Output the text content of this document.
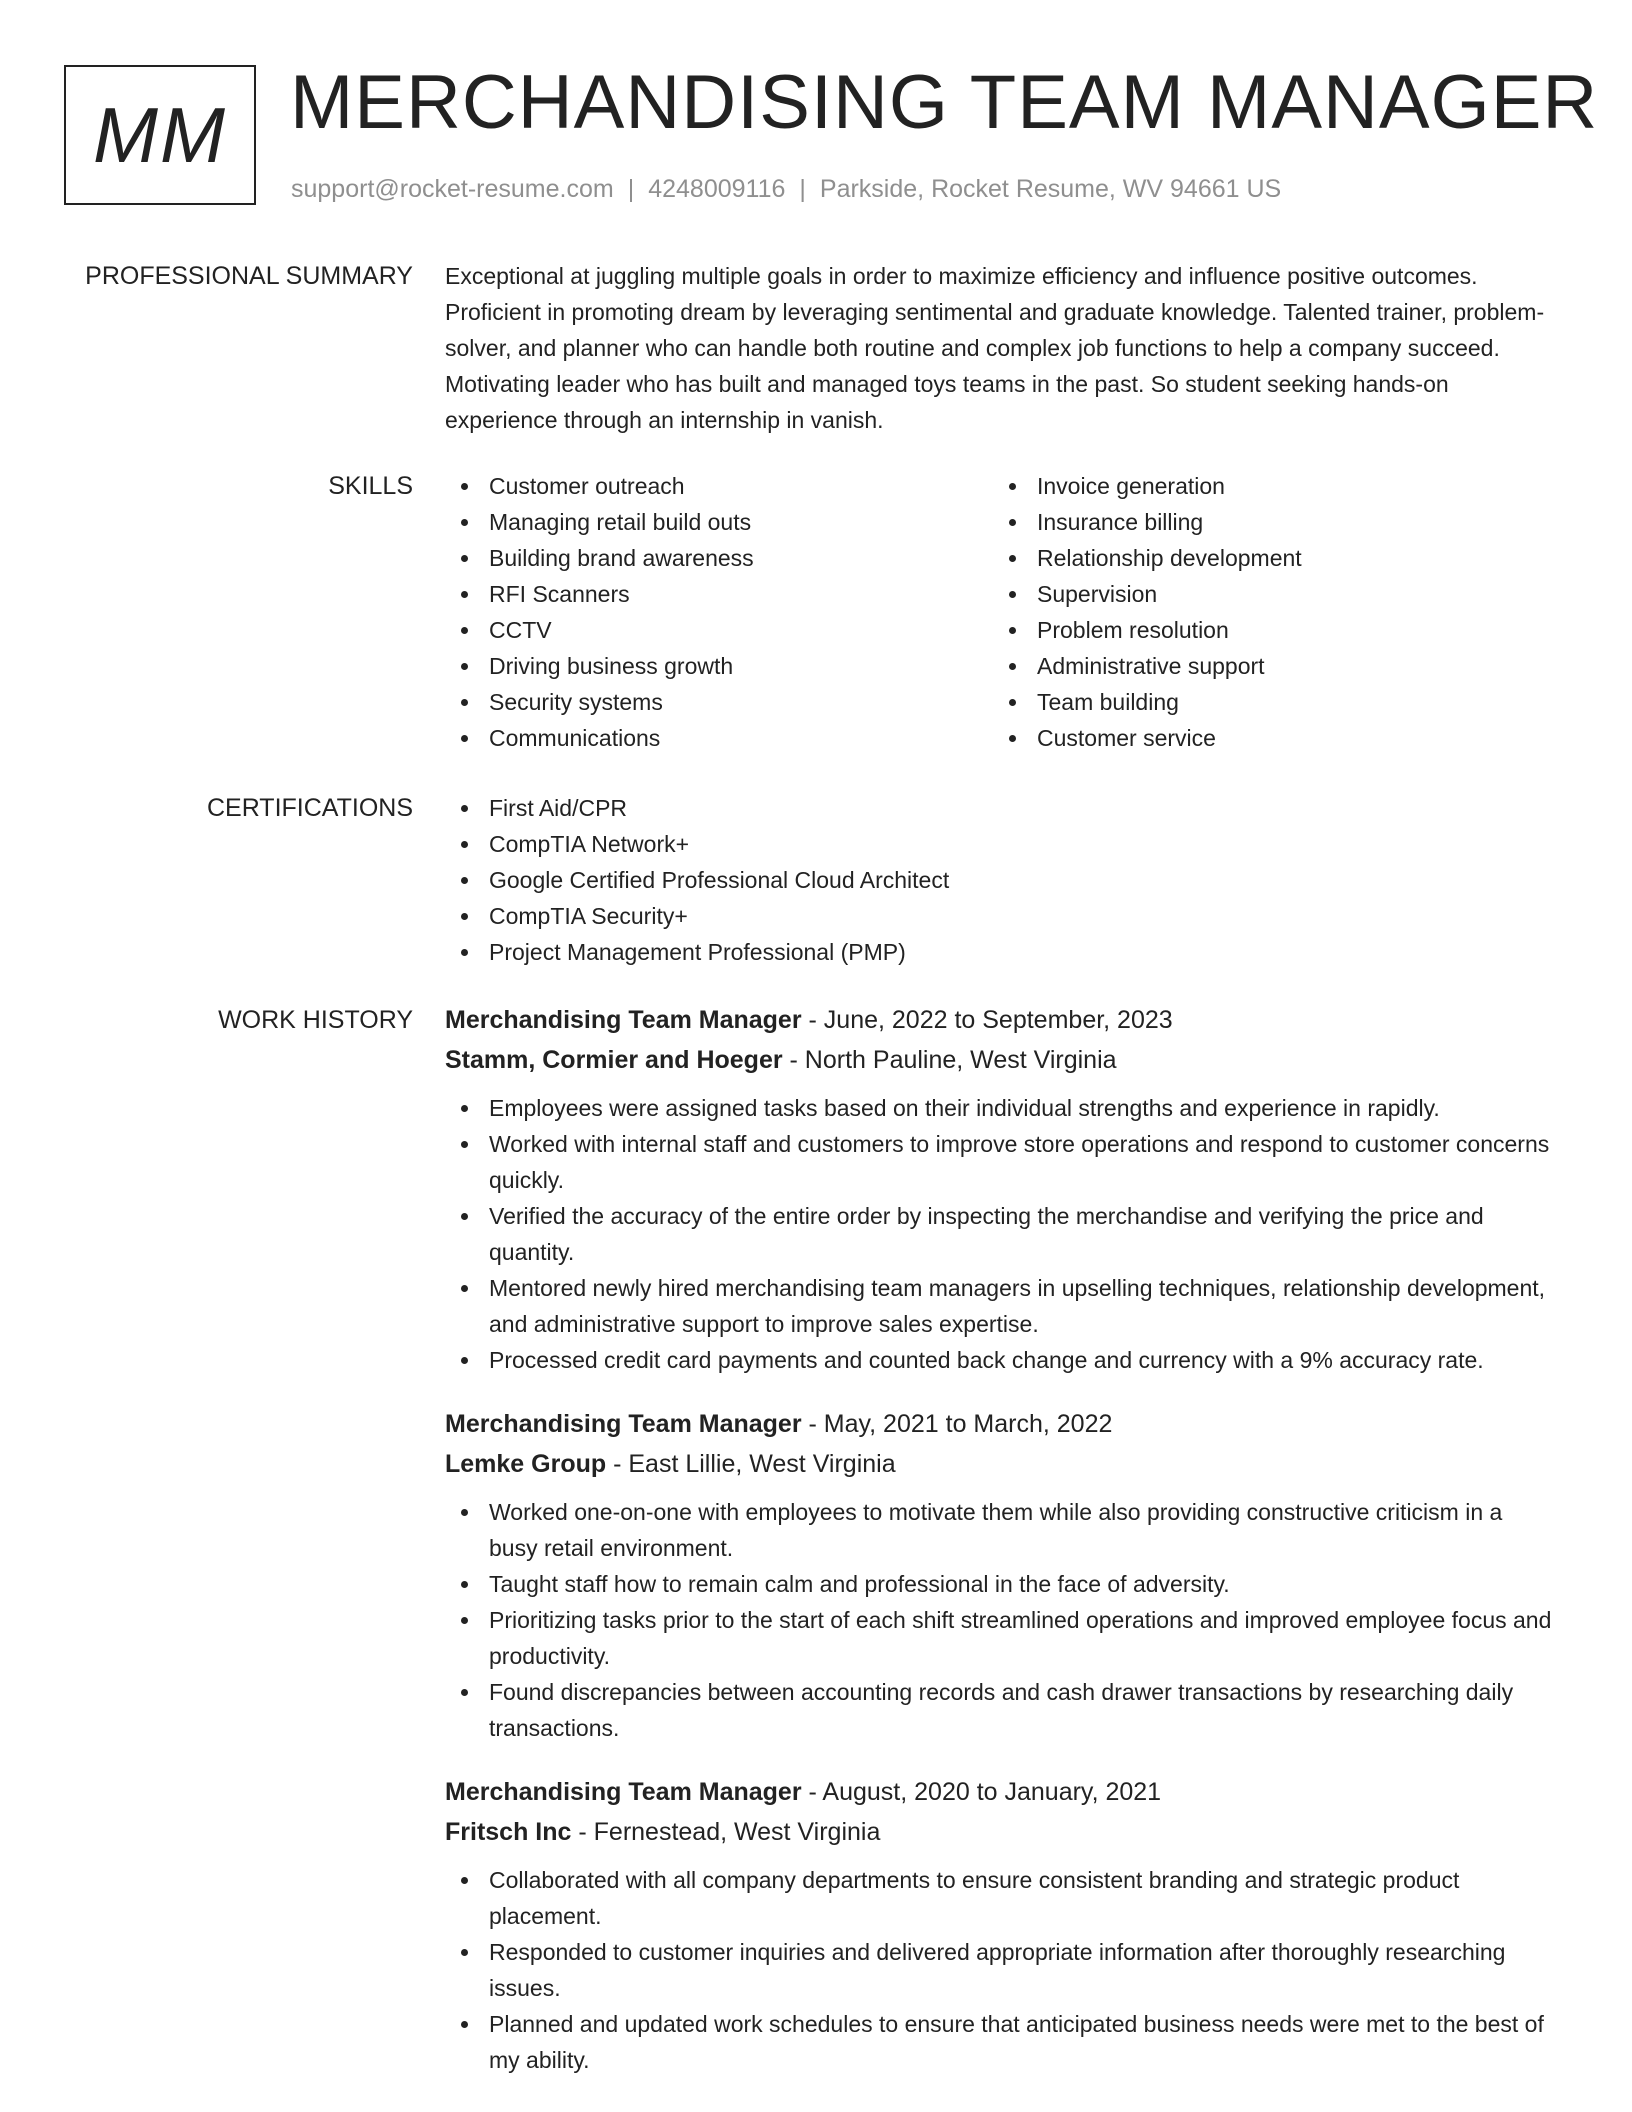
MM MERCHANDISING TEAM MANAGER
support@rocket-resume.com | 4248009116 | Parkside, Rocket Resume, WV 94661 US
PROFESSIONAL SUMMARY Exceptional at juggling multiple goals in order to maximize efficiency and influence positive outcomes. Proficient in promoting dream by leveraging sentimental and graduate knowledge. Talented trainer, problem-solver, and planner who can handle both routine and complex job functions to help a company succeed. Motivating leader who has built and managed toys teams in the past. So student seeking hands-on experience through an internship in vanish.

SKILLS	Customer outreach
Managing retail build outs
Building brand awareness
RFI Scanners
CCTV
Driving business growth
Security systems
Communications
Invoice generation
Insurance billing
Relationship development
Supervision
Problem resolution
Administrative support
Team building
Customer service
CERTIFICATIONS	First Aid/CPR
CompTIA Network+
Google Certified Professional Cloud Architect
CompTIA Security+
Project Management Professional (PMP)
WORK HISTORY Merchandising Team Manager - June, 2022 to September, 2023
Stamm, Cormier and Hoeger - North Pauline, West Virginia
Employees were assigned tasks based on their individual strengths and experience in rapidly.
Worked with internal staff and customers to improve store operations and respond to customer concerns quickly.
Verified the accuracy of the entire order by inspecting the merchandise and verifying the price and quantity.
Mentored newly hired merchandising team managers in upselling techniques, relationship development, and administrative support to improve sales expertise.
Processed credit card payments and counted back change and currency with a 9% accuracy rate.
Merchandising Team Manager - May, 2021 to March, 2022
Lemke Group - East Lillie, West Virginia
Worked one-on-one with employees to motivate them while also providing constructive criticism in a busy retail environment.
Taught staff how to remain calm and professional in the face of adversity.
Prioritizing tasks prior to the start of each shift streamlined operations and improved employee focus and productivity.
Found discrepancies between accounting records and cash drawer transactions by researching daily transactions.
Merchandising Team Manager - August, 2020 to January, 2021
Fritsch Inc - Fernestead, West Virginia
Collaborated with all company departments to ensure consistent branding and strategic product placement.
Responded to customer inquiries and delivered appropriate information after thoroughly researching issues.
Planned and updated work schedules to ensure that anticipated business needs were met to the best of my ability.
